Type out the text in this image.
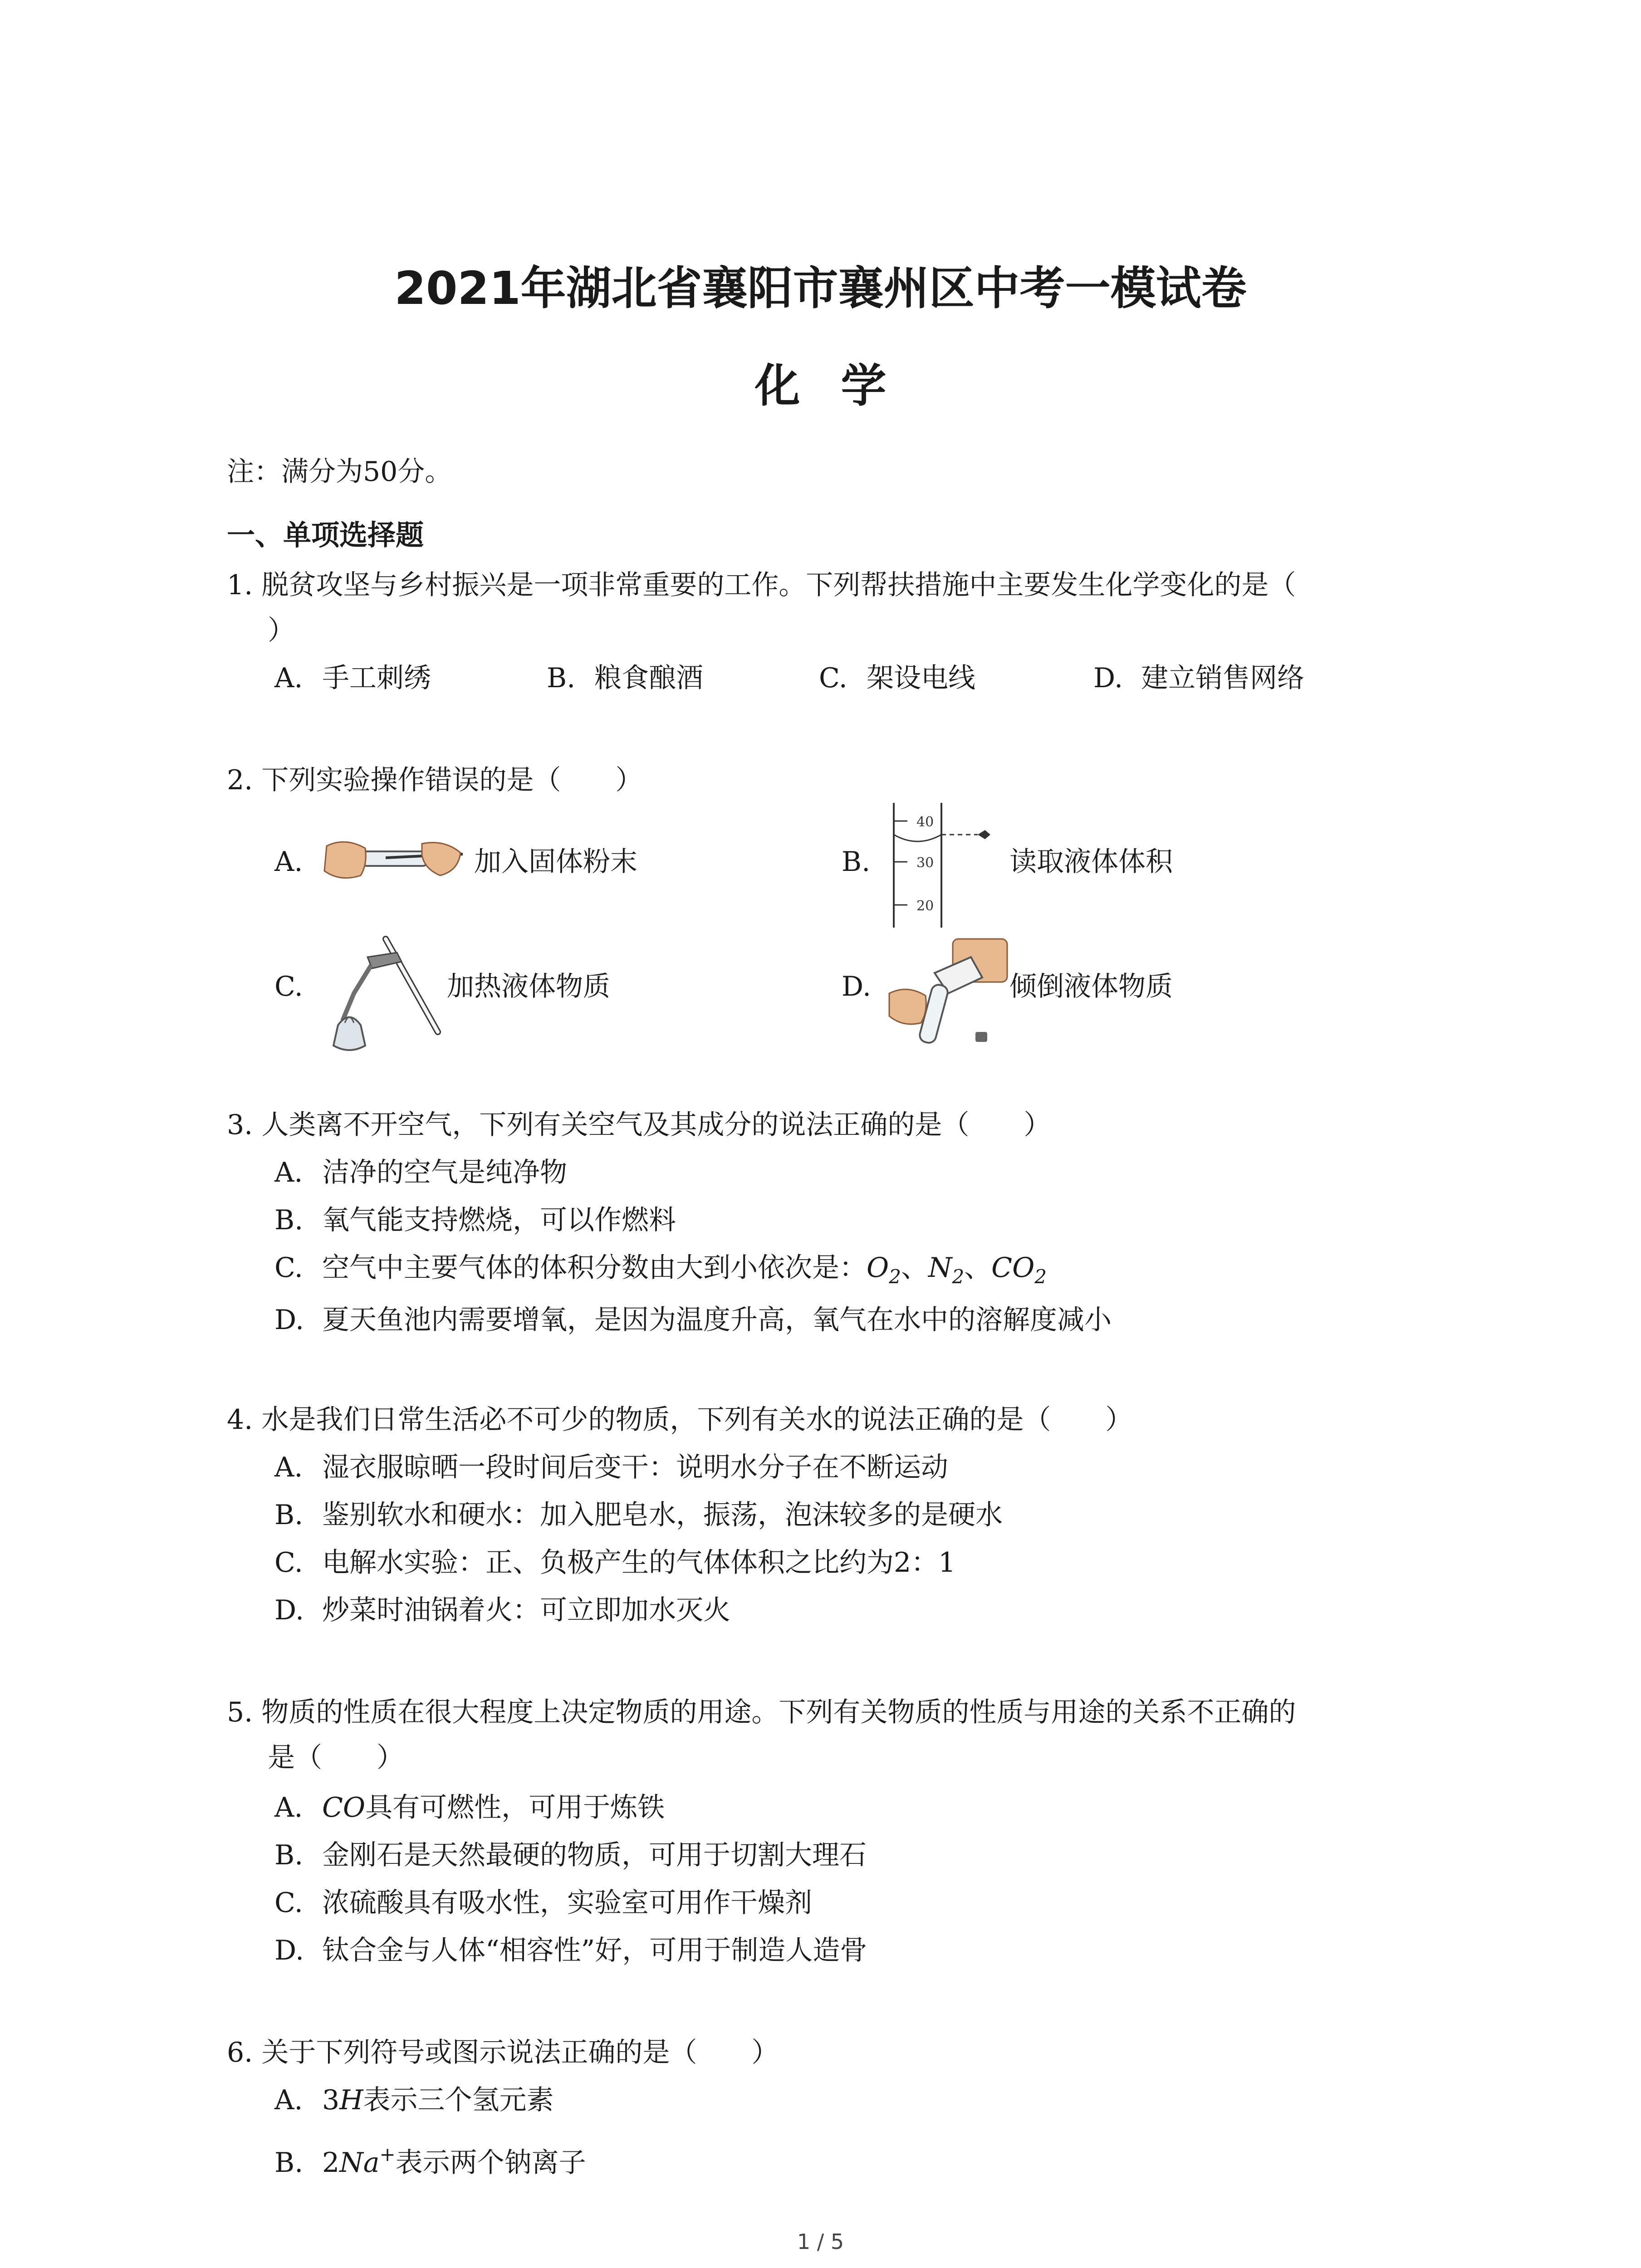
2021年湖北省襄阳市襄州区中考一模试卷
化学
注：满分为50分。
一、单项选择题
1. 脱贫攻坚与乡村振兴是一项非常重要的工作。下列帮扶措施中主要发生化学变化的是（
）
A. 手工刺绣	B. 粮食酿酒	C. 架设电线	D. 建立销售网络
2. 下列实验操作错误的是（　　）
A.	加入固体粉末	B.
40
30
20
读取液体体积
C.	加热液体物质	D.	倾倒液体物质
3. 人类离不开空气，下列有关空气及其成分的说法正确的是（　　）
A. 洁净的空气是纯净物
B. 氧气能支持燃烧，可以作燃料
C. 空气中主要气体的体积分数由大到小依次是：$O_2$、$N_2$、$CO_2$
D. 夏天鱼池内需要增氧，是因为温度升高，氧气在水中的溶解度减小
4. 水是我们日常生活必不可少的物质，下列有关水的说法正确的是（　　）
A. 湿衣服晾晒一段时间后变干：说明水分子在不断运动
B. 鉴别软水和硬水：加入肥皂水，振荡，泡沫较多的是硬水
C. 电解水实验：正、负极产生的气体体积之比约为2：1
D. 炒菜时油锅着火：可立即加水灭火
5. 物质的性质在很大程度上决定物质的用途。下列有关物质的性质与用途的关系不正确的
是（　　）
A. CO具有可燃性，可用于炼铁
B. 金刚石是天然最硬的物质，可用于切割大理石
C. 浓硫酸具有吸水性，实验室可用作干燥剂
D. 钛合金与人体“相容性”好，可用于制造人造骨
6. 关于下列符号或图示说法正确的是（　　）
A. 3H表示三个氢元素
B. 2Na+表示两个钠离子
1 / 5
